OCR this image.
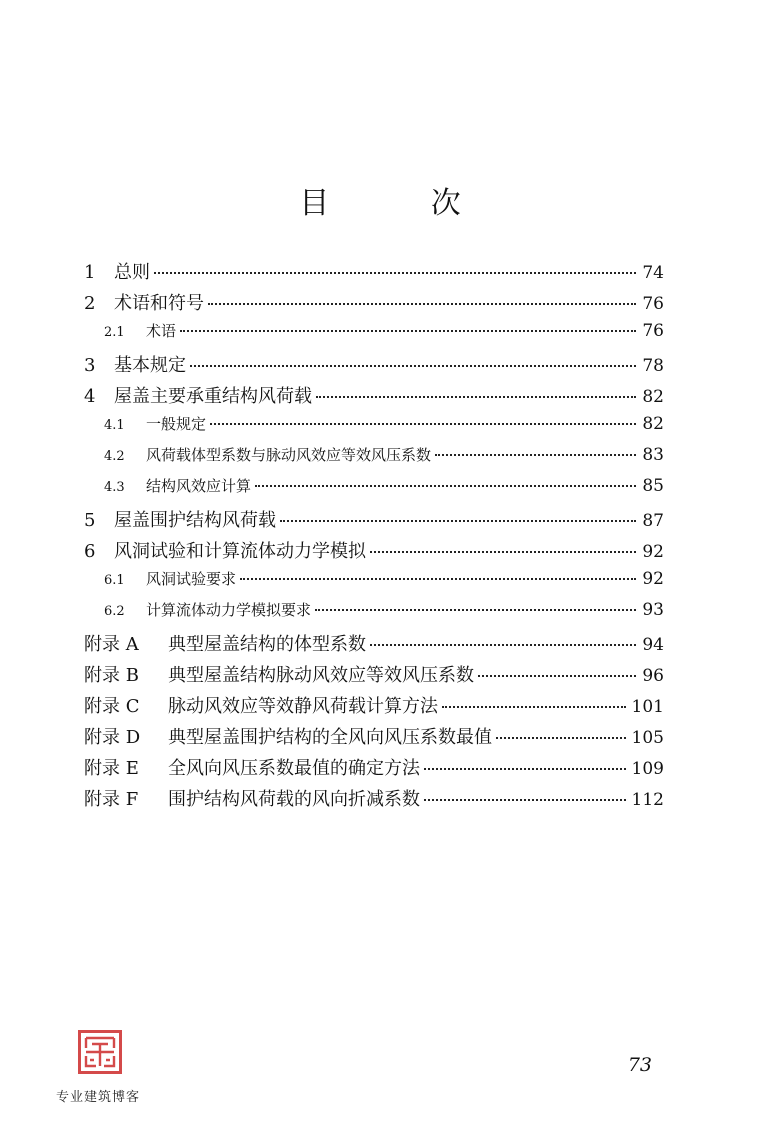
目 次
1	总则	74
2	术语和符号	76
2.1	术语	76
3	基本规定	78
4	屋盖主要承重结构风荷载	82
4.1	一般规定	82
4.2	风荷载体型系数与脉动风效应等效风压系数	83
4.3	结构风效应计算	85
5	屋盖围护结构风荷载	87
6	风洞试验和计算流体动力学模拟	92
6.1	风洞试验要求	92
6.2	计算流体动力学模拟要求	93
附录 A	典型屋盖结构的体型系数	94
附录 B	典型屋盖结构脉动风效应等效风压系数	96
附录 C	脉动风效应等效静风荷载计算方法	101
附录 D	典型屋盖围护结构的全风向风压系数最值	105
附录 E	全风向风压系数最值的确定方法	109
附录 F	围护结构风荷载的风向折减系数	112
73
专业建筑博客
